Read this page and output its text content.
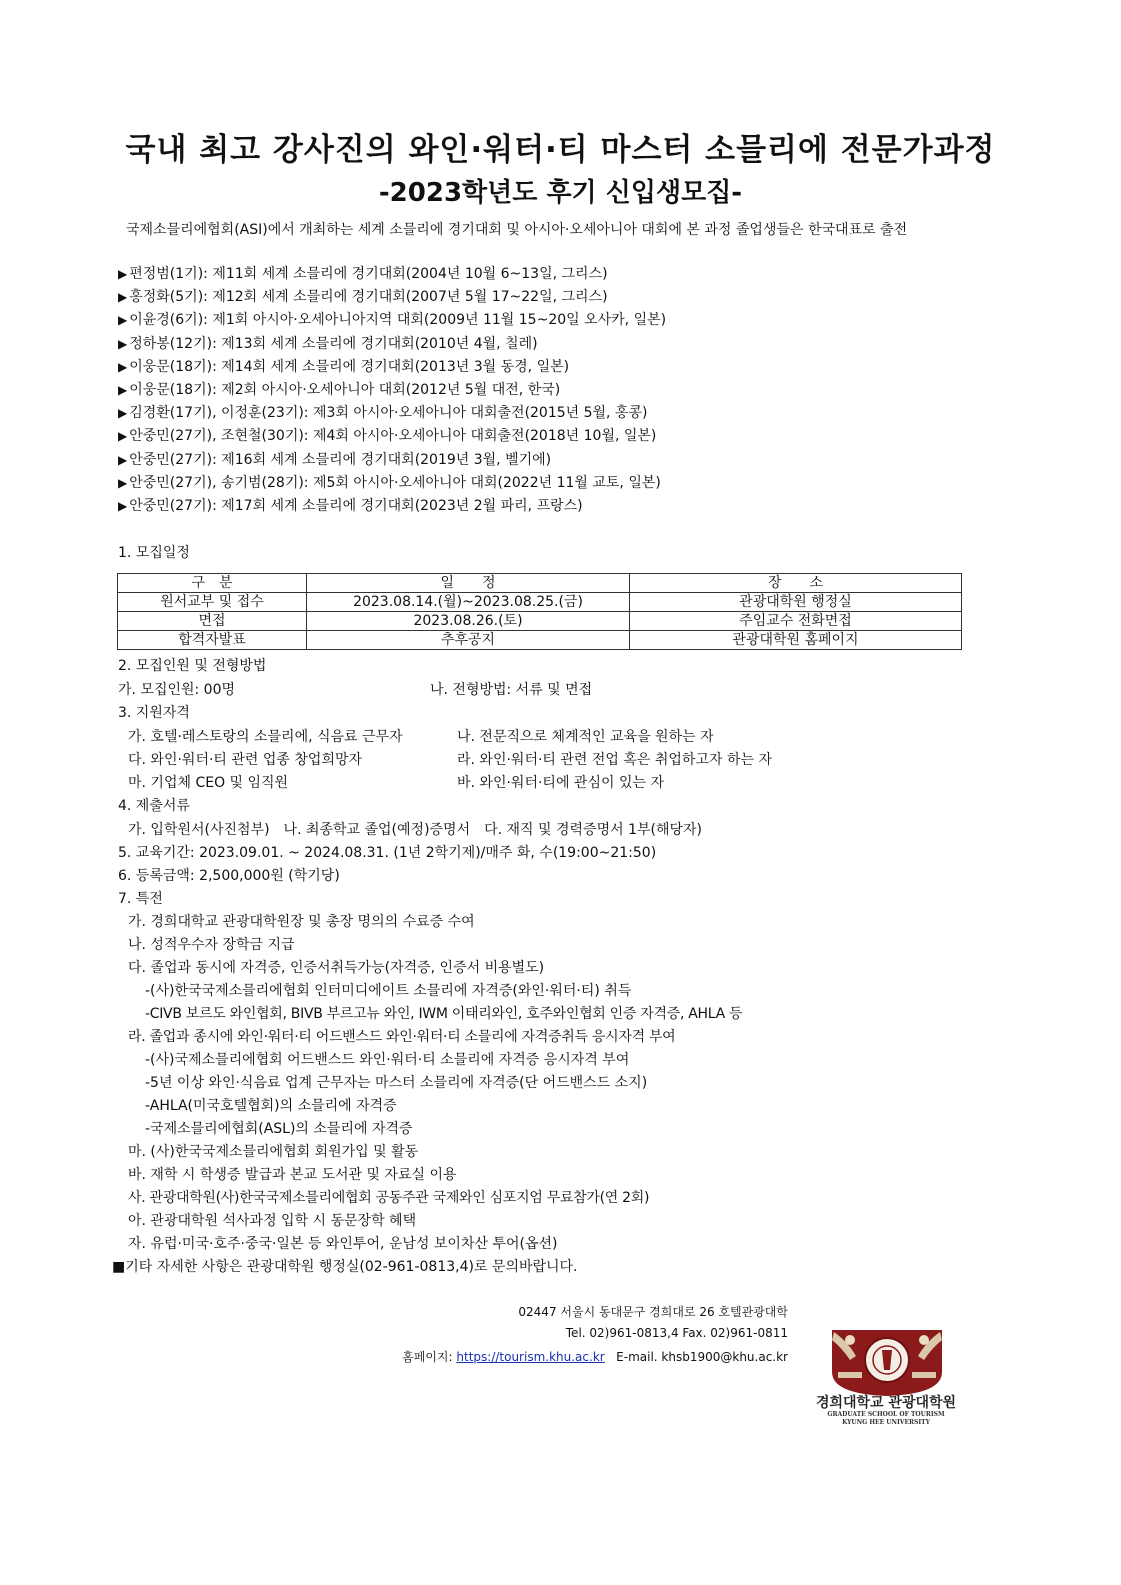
국내 최고 강사진의 와인·워터·티 마스터 소믈리에 전문가과정
-2023학년도 후기 신입생모집-
국제소믈리에협회(ASI)에서 개최하는 세계 소믈리에 경기대회 및 아시아·오세아니아 대회에 본 과정 졸업생들은 한국대표로 출전
▶ 편정범(1기): 제11회 세계 소믈리에 경기대회(2004년 10월 6~13일, 그리스)
▶ 홍정화(5기): 제12회 세계 소믈리에 경기대회(2007년 5월 17~22일, 그리스)
▶ 이윤경(6기): 제1회 아시아·오세아니아지역 대회(2009년 11월 15~20일 오사카, 일본)
▶ 정하봉(12기): 제13회 세계 소믈리에 경기대회(2010년 4월, 칠레)
▶ 이웅문(18기): 제14회 세계 소믈리에 경기대회(2013년 3월 동경, 일본)
▶ 이웅문(18기): 제2회 아시아·오세아니아 대회(2012년 5월 대전, 한국)
▶ 김경환(17기), 이정훈(23기): 제3회 아시아·오세아니아 대회출전(2015년 5월, 홍콩)
▶ 안중민(27기), 조현철(30기): 제4회 아시아·오세아니아 대회출전(2018년 10월, 일본)
▶ 안중민(27기): 제16회 세계 소믈리에 경기대회(2019년 3월, 벨기에)
▶ 안중민(27기), 송기범(28기): 제5회 아시아·오세아니아 대회(2022년 11월 교토, 일본)
▶ 안중민(27기): 제17회 세계 소믈리에 경기대회(2023년 2월 파리, 프랑스)
1. 모집일정
구　분	일　　정	장　　소
원서교부 및 접수	2023.08.14.(월)~2023.08.25.(금)	관광대학원 행정실
면접	2023.08.26.(토)	주임교수 전화면접
합격자발표	추후공지	관광대학원 홈페이지
2. 모집인원 및 전형방법
가. 모집인원: 00명	나. 전형방법: 서류 및 면접
3. 지원자격
가. 호텔·레스토랑의 소믈리에, 식음료 근무자	나. 전문직으로 체계적인 교육을 원하는 자
다. 와인·워터·티 관련 업종 창업희망자	라. 와인·워터·티 관련 전업 혹은 취업하고자 하는 자
마. 기업체 CEO 및 임직원	바. 와인·워터·티에 관심이 있는 자
4. 제출서류
가. 입학원서(사진첨부)　나. 최종학교 졸업(예정)증명서　다. 재직 및 경력증명서 1부(해당자)
5. 교육기간: 2023.09.01. ~ 2024.08.31. (1년 2학기제)/매주 화, 수(19:00~21:50)
6. 등록금액: 2,500,000원 (학기당)
7. 특전
가. 경희대학교 관광대학원장 및 총장 명의의 수료증 수여
나. 성적우수자 장학금 지급
다. 졸업과 동시에 자격증, 인증서취득가능(자격증, 인증서 비용별도)
-(사)한국국제소믈리에협회 인터미디에이트 소믈리에 자격증(와인·워터·티) 취득
-CIVB 보르도 와인협회, BIVB 부르고뉴 와인, IWM 이태리와인, 호주와인협회 인증 자격증, AHLA 등
라. 졸업과 종시에 와인·워터·티 어드밴스드 와인·워터·티 소믈리에 자격증취득 응시자격 부여
-(사)국제소믈리에협회 어드밴스드 와인·워터·티 소믈리에 자격증 응시자격 부여
-5년 이상 와인·식음료 업계 근무자는 마스터 소믈리에 자격증(단 어드밴스드 소지)
-AHLA(미국호텔협회)의 소믈리에 자격증
-국제소믈리에협회(ASL)의 소믈리에 자격증
마. (사)한국국제소믈리에협회 회원가입 및 활동
바. 재학 시 학생증 발급과 본교 도서관 및 자료실 이용
사. 관광대학원(사)한국국제소믈리에협회 공동주관 국제와인 심포지엄 무료참가(연 2회)
아. 관광대학원 석사과정 입학 시 동문장학 혜택
자. 유럽·미국·호주·중국·일본 등 와인투어, 운남성 보이차산 투어(옵션)
■기타 자세한 사항은 관광대학원 행정실(02-961-0813,4)로 문의바랍니다.
02447 서울시 동대문구 경희대로 26 호텔관광대학
Tel. 02)961-0813,4 Fax. 02)961-0811
홈페이지: https://tourism.khu.ac.kr E-mail. khsb1900@khu.ac.kr
경희대학교 관광대학원
GRADUATE SCHOOL OF TOURISM
KYUNG HEE UNIVERSITY
